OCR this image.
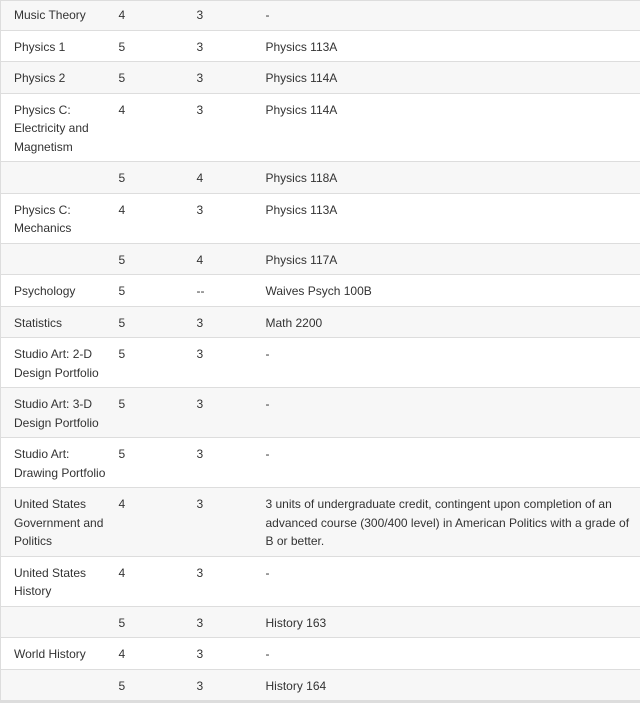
Music Theory	4	3	-
Physics 1	5	3	Physics 113A
Physics 2	5	3	Physics 114A
Physics C: Electricity and Magnetism	4	3	Physics 114A
	5	4	Physics 118A
Physics C: Mechanics	4	3	Physics 113A
	5	4	Physics 117A
Psychology	5	--	Waives Psych 100B
Statistics	5	3	Math 2200
Studio Art: 2-D Design Portfolio	5	3	-
Studio Art: 3-D Design Portfolio	5	3	-
Studio Art: Drawing Portfolio	5	3	-
United States Government and Politics	4	3	3 units of undergraduate credit, contingent upon completion of an advanced course (300/400 level) in American Politics with a grade of B or better.
United States History	4	3	-
	5	3	History 163
World History	4	3	-
	5	3	History 164
